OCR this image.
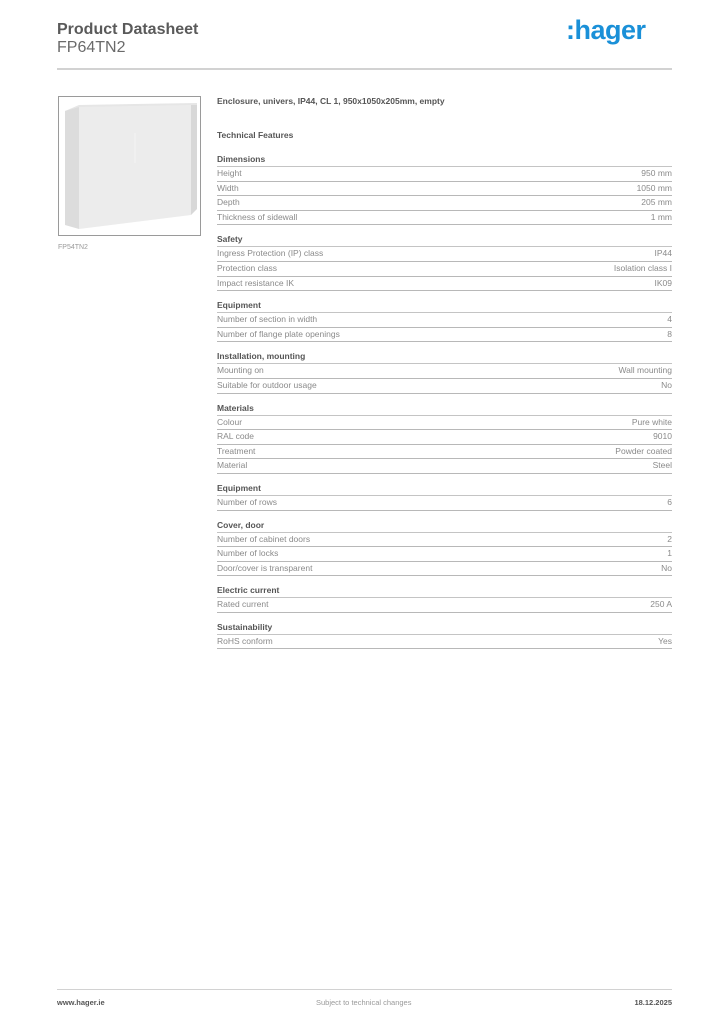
Product Datasheet
FP64TN2
:hager
FP54TN2
Enclosure, univers, IP44, CL 1, 950x1050x205mm, empty
Technical Features
Dimensions
Height	950 mm
Width	1050 mm
Depth	205 mm
Thickness of sidewall	1 mm
Safety
Ingress Protection (IP) class	IP44
Protection class	Isolation class I
Impact resistance IK	IK09
Equipment
Number of section in width	4
Number of flange plate openings	8
Installation, mounting
Mounting on	Wall mounting
Suitable for outdoor usage	No
Materials
Colour	Pure white
RAL code	9010
Treatment	Powder coated
Material	Steel
Equipment
Number of rows	6
Cover, door
Number of cabinet doors	2
Number of locks	1
Door/cover is transparent	No
Electric current
Rated current	250 A
Sustainability
RoHS conform	Yes
www.hager.ie	Subject to technical changes	18.12.2025
